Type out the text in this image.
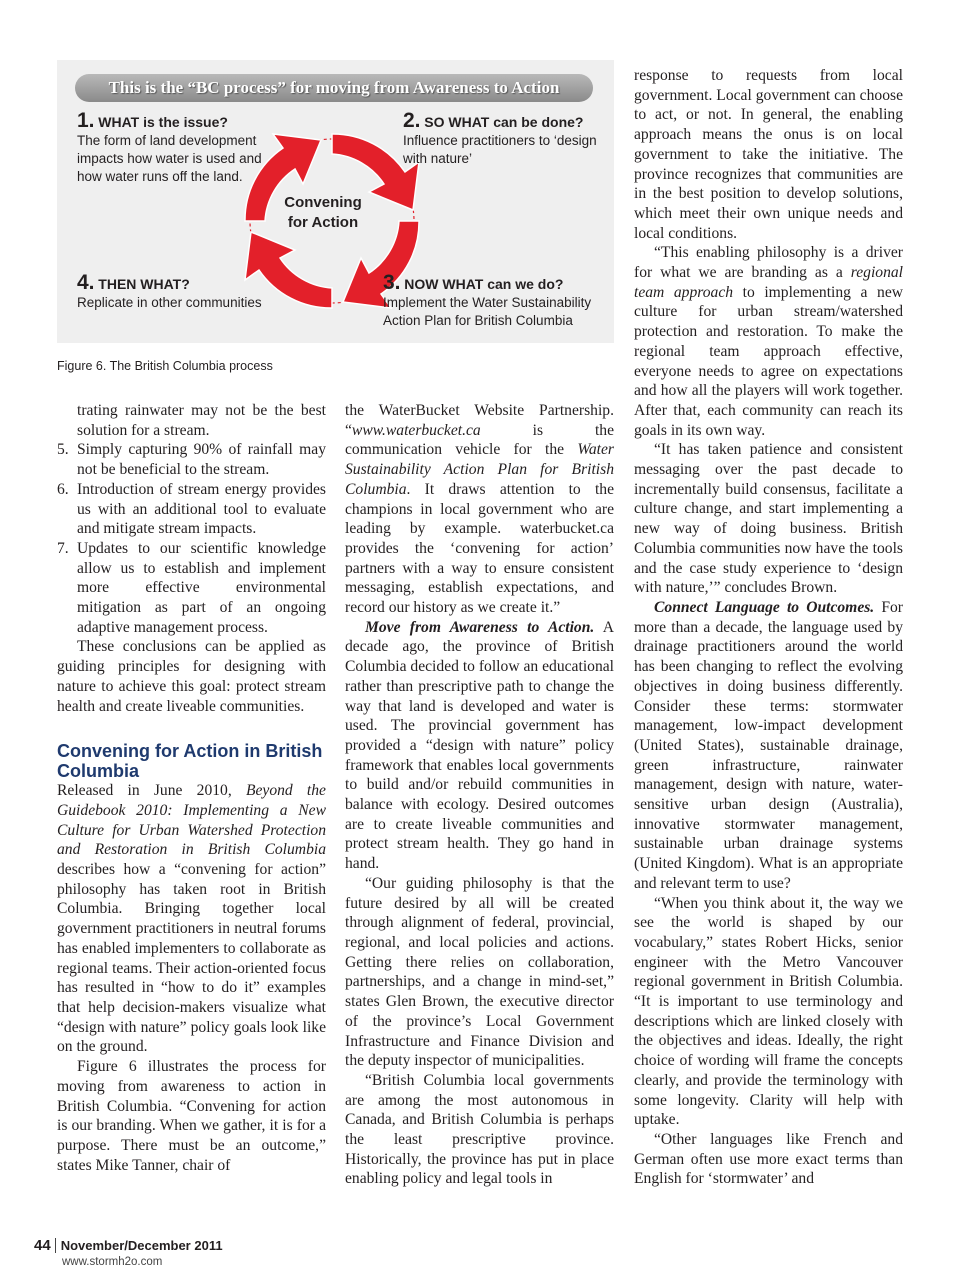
This is the “BC process” for moving from Awareness to Action
Convening for Action
1. WHAT is the issue?
The form of land development impacts how water is used and how water runs off the land.
2. SO WHAT can be done?
Influence practitioners to ‘design with nature’
3. NOW WHAT can we do?
Implement the Water Sustainability Action Plan for British Columbia
4. THEN WHAT?
Replicate in other communities
Figure 6. The British Columbia process

trating rainwater may not be the best solution for a stream.

5. Simply capturing 90% of rainfall may not be beneficial to the stream.
6. Introduction of stream energy provides us with an additional tool to evaluate and mitigate stream impacts.
7. Updates to our scientific knowledge allow us to establish and implement more effective environmental mitigation as part of an ongoing adaptive management process.

These conclusions can be applied as guiding principles for designing with nature to achieve this goal: protect stream health and create liveable communities.

Convening for Action in British Columbia

Released in June 2010, Beyond the Guidebook 2010: Implementing a New Culture for Urban Watershed Protection and Restoration in British Columbia describes how a “convening for action” philosophy has taken root in British Columbia. Bringing together local government practitioners in neutral forums has enabled implementers to collaborate as regional teams. Their action-oriented focus has resulted in “how to do it” examples that help decision-makers visualize what “design with nature” policy goals look like on the ground.

Figure 6 illustrates the process for moving from awareness to action in British Columbia. “Convening for action is our branding. When we gather, it is for a purpose. There must be an outcome,” states Mike Tanner, chair of

the WaterBucket Website Partnership. “www.waterbucket.ca is the communication vehicle for the Water Sustainability Action Plan for British Columbia. It draws attention to the champions in local government who are leading by example. waterbucket.ca provides the ‘convening for action’ partners with a way to ensure consistent messaging, establish expectations, and record our history as we create it.”

Move from Awareness to Action. A decade ago, the province of British Columbia decided to follow an educational rather than prescriptive path to change the way that land is developed and water is used. The provincial government has provided a “design with nature” policy framework that enables local governments to build and/or rebuild communities in balance with ecology. Desired outcomes are to create liveable communities and protect stream health. They go hand in hand.

“Our guiding philosophy is that the future desired by all will be created through alignment of federal, provincial, regional, and local policies and actions. Getting there relies on collaboration, partnerships, and a change in mind-set,” states Glen Brown, the executive director of the province’s Local Government Infrastructure and Finance Division and the deputy inspector of municipalities.

“British Columbia local governments are among the most autonomous in Canada, and British Columbia is perhaps the least prescriptive province. Historically, the province has put in place enabling policy and legal tools in

response to requests from local government. Local government can choose to act, or not. In general, the enabling approach means the onus is on local government to take the initiative. The province recognizes that communities are in the best position to develop solutions, which meet their own unique needs and local conditions.

“This enabling philosophy is a driver for what we are branding as a regional team approach to implementing a new culture for urban stream/watershed protection and restoration. To make the regional team approach effective, everyone needs to agree on expectations and how all the players will work together. After that, each community can reach its goals in its own way.

“It has taken patience and consistent messaging over the past decade to incrementally build consensus, facilitate a culture change, and start implementing a new way of doing business. British Columbia communities now have the tools and the case study experience to ‘design with nature,’” concludes Brown.

Connect Language to Outcomes. For more than a decade, the language used by drainage practitioners around the world has been changing to reflect the evolving objectives in doing business differently. Consider these terms: stormwater management, low-impact development (United States), sustainable drainage, green infrastructure, rainwater management, design with nature, water-sensitive urban design (Australia), innovative stormwater management, sustainable urban drainage systems (United Kingdom). What is an appropriate and relevant term to use?

“When you think about it, the way we see the world is shaped by our vocabulary,” states Robert Hicks, senior engineer with the Metro Vancouver regional government in British Columbia. “It is important to use terminology and descriptions which are linked closely with the objectives and ideas. Ideally, the right choice of wording will frame the concepts clearly, and provide the terminology with some longevity. Clarity will help with uptake.

“Other languages like French and German often use more exact terms than English for ‘stormwater’ and

44 November/December 2011
www.stormh2o.com
